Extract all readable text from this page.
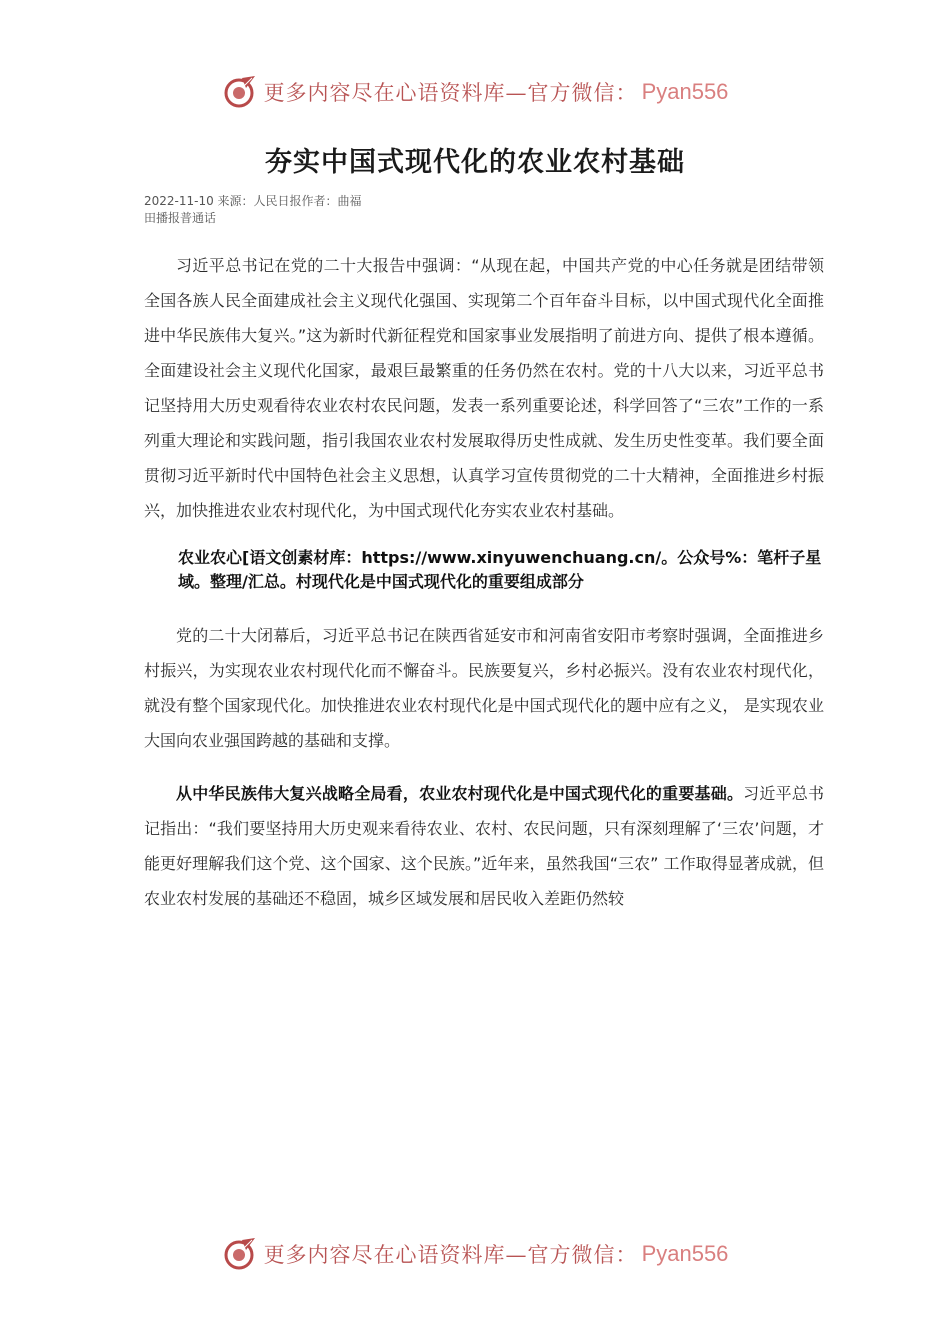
更多内容尽在心语资料库—官方微信： Pyan556
夯实中国式现代化的农业农村基础
2022-11-10 来源：人民日报作者：曲福
田播报普通话

习近平总书记在党的二十大报告中强调：“从现在起，中国共产党的中心任务就是团结带领全国各族人民全面建成社会主义现代化强国、实现第二个百年奋斗目标，以中国式现代化全面推进中华民族伟大复兴。”这为新时代新征程党和国家事业发展指明了前进方向、提供了根本遵循。全面建设社会主义现代化国家，最艰巨最繁重的任务仍然在农村。党的十八大以来，习近平总书记坚持用大历史观看待农业农村农民问题，发表一系列重要论述，科学回答了“三农”工作的一系列重大理论和实践问题，指引我国农业农村发展取得历史性成就、发生历史性变革。我们要全面贯彻习近平新时代中国特色社会主义思想，认真学习宣传贯彻党的二十大精神，全面推进乡村振兴，加快推进农业农村现代化，为中国式现代化夯实农业农村基础。

农业农心[语文创素材库：https://www.xinyuwenchuang.cn/。公众号%：笔杆子星域。整理/汇总。村现代化是中国式现代化的重要组成部分

党的二十大闭幕后，习近平总书记在陕西省延安市和河南省安阳市考察时强调，全面推进乡村振兴，为实现农业农村现代化而不懈奋斗。民族要复兴，乡村必振兴。没有农业农村现代化，就没有整个国家现代化。加快推进农业农村现代化是中国式现代化的题中应有之义， 是实现农业大国向农业强国跨越的基础和支撑。

从中华民族伟大复兴战略全局看，农业农村现代化是中国式现代化的重要基础。习近平总书记指出：“我们要坚持用大历史观来看待农业、农村、农民问题，只有深刻理解了‘三农’问题，才能更好理解我们这个党、这个国家、这个民族。”近年来，虽然我国“三农” 工作取得显著成就，但农业农村发展的基础还不稳固，城乡区域发展和居民收入差距仍然较

更多内容尽在心语资料库—官方微信： Pyan556
